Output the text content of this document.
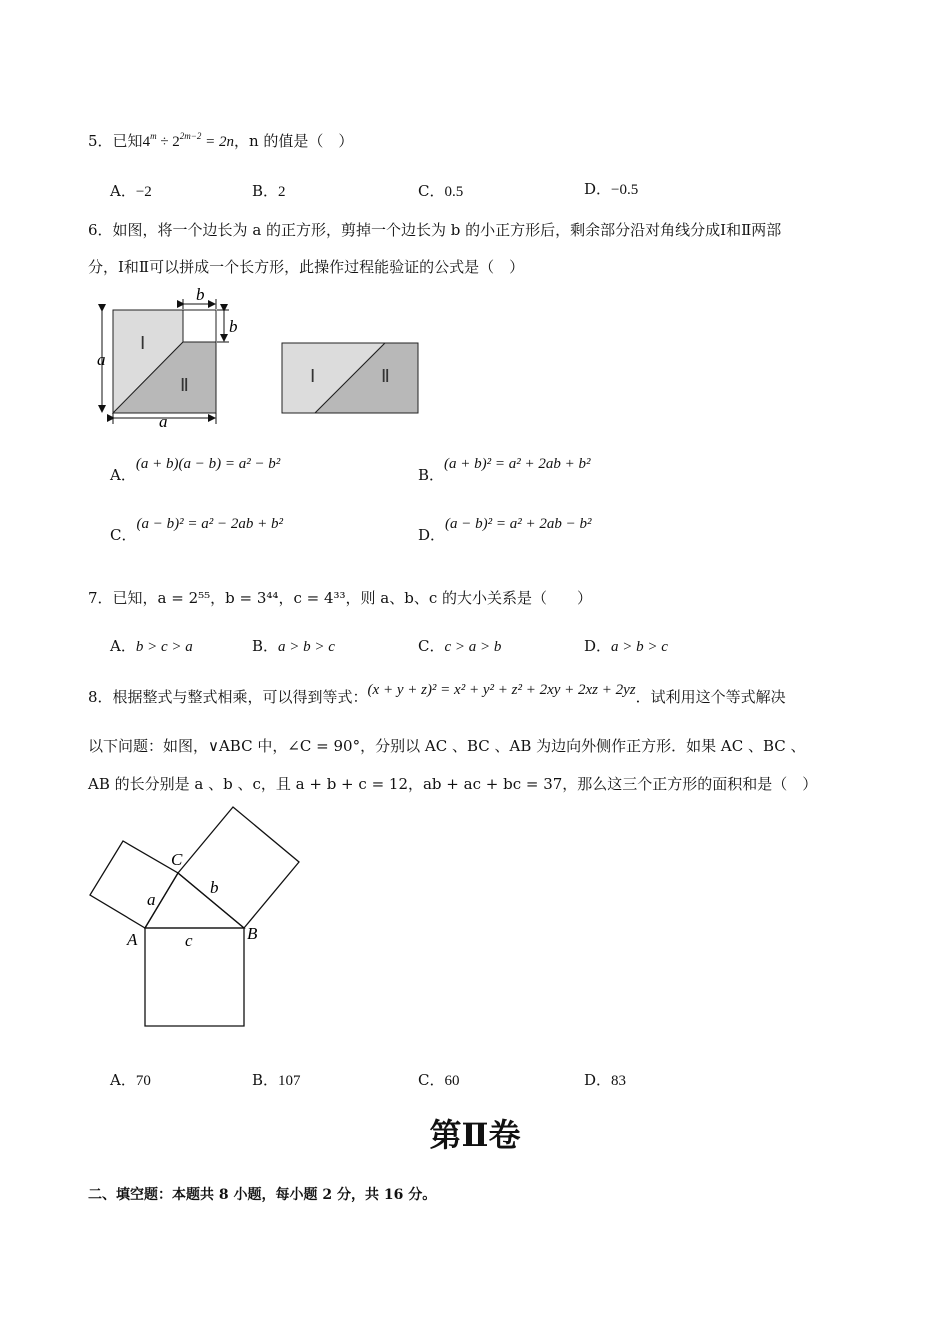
5．已知$4^m \div 2^{2m-2} = 2n$，n 的值是（　）
A．−2	B．2	C．0.5	D．−0.5
6．如图，将一个边长为 a 的正方形，剪掉一个边长为 b 的小正方形后，剩余部分沿对角线分成Ⅰ和Ⅱ两部
分，Ⅰ和Ⅱ可以拼成一个长方形，此操作过程能验证的公式是（　）
b
b
a
a
Ⅰ
Ⅱ	Ⅰ	Ⅱ
A．(a + b)(a − b) = a² − b²
B．(a + b)² = a² + 2ab + b²
C．(a − b)² = a² − 2ab + b²
D．(a − b)² = a² + 2ab − b²
7．已知，a = 2⁵⁵，b = 3⁴⁴，c = 4³³，则 a、b、c 的大小关系是（　　）
A．b > c > a	B．a > b > c	C．c > a > b	D．a > b > c
8．根据整式与整式相乘，可以得到等式：(x + y + z)² = x² + y² + z² + 2xy + 2xz + 2yz．试利用这个等式解决
以下问题：如图，∨ABC 中，∠C = 90°，分别以 AC 、BC 、AB 为边向外侧作正方形．如果 AC 、BC 、
AB 的长分别是 a 、b 、c，且 a + b + c = 12，ab + ac + bc = 37，那么这三个正方形的面积和是（　）
A	B
C
a
b
c
A．70	B．107	C．60	D．83
第Ⅱ卷
二、填空题：本题共 8 小题，每小题 2 分，共 16 分。
